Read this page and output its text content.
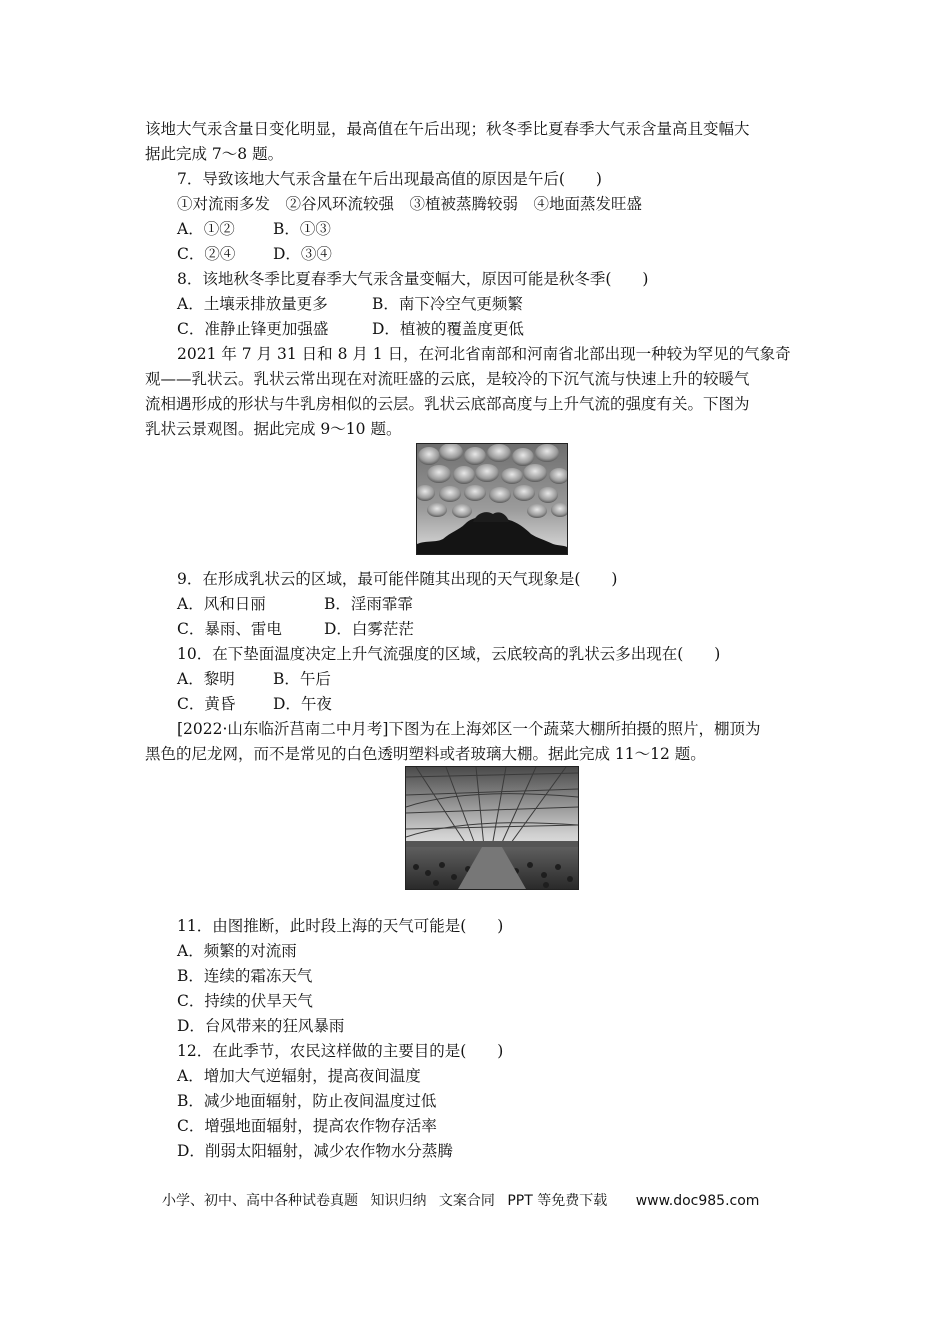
该地大气汞含量日变化明显，最高值在午后出现；秋冬季比夏春季大气汞含量高且变幅大
据此完成 7～8 题。
7．导致该地大气汞含量在午后出现最高值的原因是午后(　　)
①对流雨多发　②谷风环流较强　③植被蒸腾较弱　④地面蒸发旺盛
A．①② B．①③
C．②④ D．③④
8．该地秋冬季比夏春季大气汞含量变幅大，原因可能是秋冬季(　　)
A．土壤汞排放量更多	B．南下冷空气更频繁
C．准静止锋更加强盛	D．植被的覆盖度更低
2021 年 7 月 31 日和 8 月 1 日，在河北省南部和河南省北部出现一种较为罕见的气象奇
观——乳状云。乳状云常出现在对流旺盛的云底，是较冷的下沉气流与快速上升的较暖气
流相遇形成的形状与牛乳房相似的云层。乳状云底部高度与上升气流的强度有关。下图为
乳状云景观图。据此完成 9～10 题。
9．在形成乳状云的区域，最可能伴随其出现的天气现象是(　　)
A．风和日丽	B．淫雨霏霏
C．暴雨、雷电	D．白雾茫茫
10．在下垫面温度决定上升气流强度的区域，云底较高的乳状云多出现在(　　)
A．黎明 B．午后
C．黄昏 D．午夜
[2022·山东临沂莒南二中月考]下图为在上海郊区一个蔬菜大棚所拍摄的照片，棚顶为
黑色的尼龙网，而不是常见的白色透明塑料或者玻璃大棚。据此完成 11～12 题。
11．由图推断，此时段上海的天气可能是(　　)
A．频繁的对流雨
B．连续的霜冻天气
C．持续的伏旱天气
D．台风带来的狂风暴雨
12．在此季节，农民这样做的主要目的是(　　)
A．增加大气逆辐射，提高夜间温度
B．减少地面辐射，防止夜间温度过低
C．增强地面辐射，提高农作物存活率
D．削弱太阳辐射，减少农作物水分蒸腾
小学、初中、高中各种试卷真题 知识归纳 文案合同 PPT 等免费下载 www.doc985.com
